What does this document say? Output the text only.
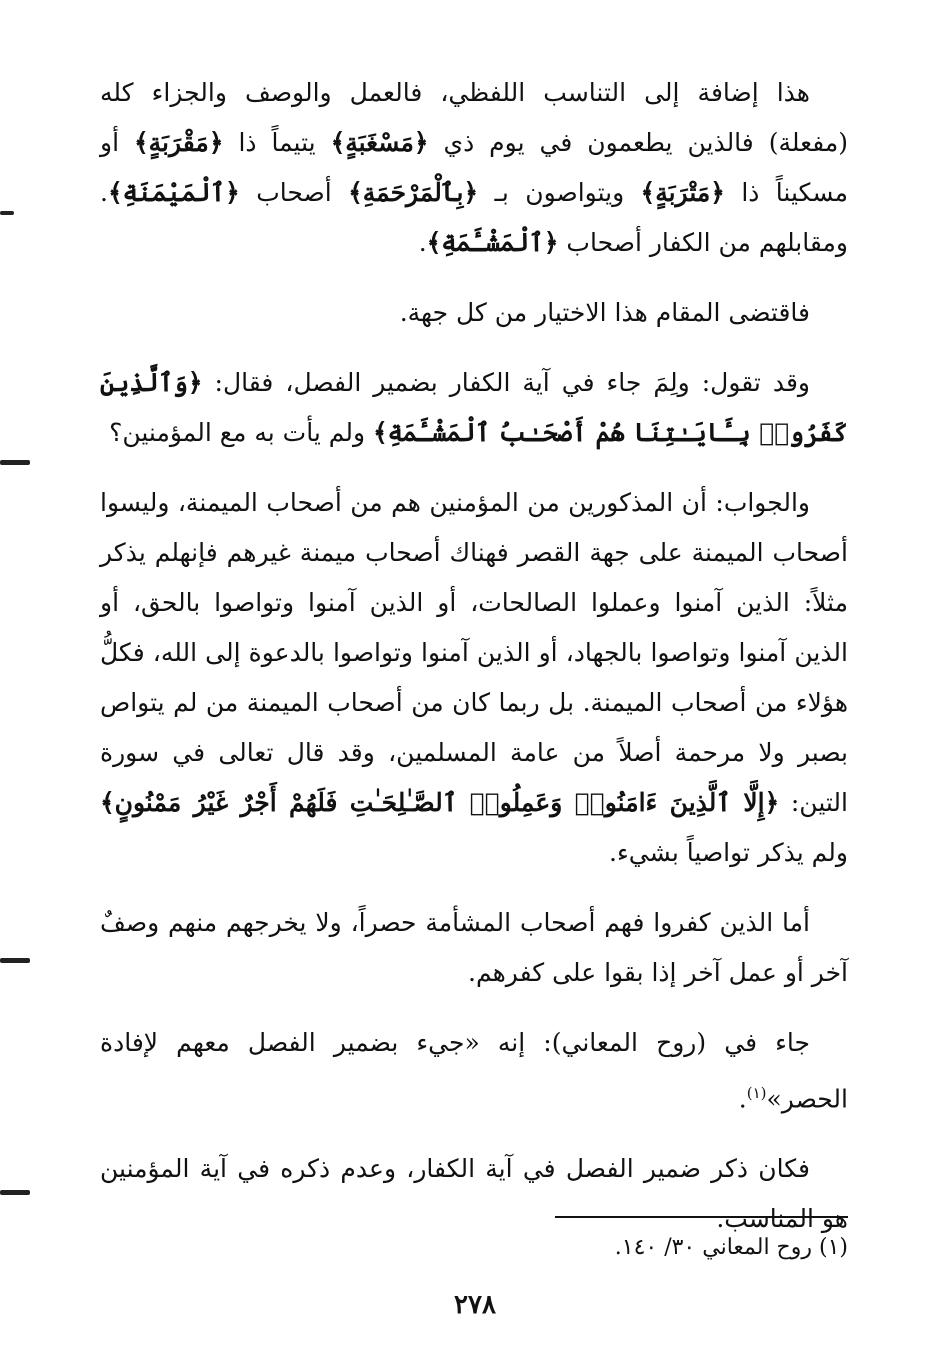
هذا إضافة إلى التناسب اللفظي، فالعمل والوصف والجزاء كله (مفعلة) فالذين يطعمون في يوم ذي ﴿مَسْغَبَةٍ﴾ يتيماً ذا ﴿مَقْرَبَةٍ﴾ أو مسكيناً ذا ﴿مَتْرَبَةٍ﴾ ويتواصون بـ ﴿بِٱلْمَرْحَمَةِ﴾ أصحاب ﴿ٱلْمَيْمَنَةِ﴾. ومقابلهم من الكفار أصحاب ﴿ٱلْمَشْـَٔمَةِ﴾.

فاقتضى المقام هذا الاختيار من كل جهة.

وقد تقول: ولِمَ جاء في آية الكفار بضمير الفصل، فقال: ﴿وَٱلَّذِينَ كَفَرُوا۟ بِـَٔايَـٰتِنَا هُمْ أَصْحَـٰبُ ٱلْمَشْـَٔمَةِ﴾ ولم يأت به مع المؤمنين؟

والجواب: أن المذكورين من المؤمنين هم من أصحاب الميمنة، وليسوا أصحاب الميمنة على جهة القصر فهناك أصحاب ميمنة غيرهم فإنهلم يذكر مثلاً: الذين آمنوا وعملوا الصالحات، أو الذين آمنوا وتواصوا بالحق، أو الذين آمنوا وتواصوا بالجهاد، أو الذين آمنوا وتواصوا بالدعوة إلى الله، فكلُّ هؤلاء من أصحاب الميمنة. بل ربما كان من أصحاب الميمنة من لم يتواص بصبر ولا مرحمة أصلاً من عامة المسلمين، وقد قال تعالى في سورة التين: ﴿إِلَّا ٱلَّذِينَ ءَامَنُوا۟ وَعَمِلُوا۟ ٱلصَّـٰلِحَـٰتِ فَلَهُمْ أَجْرٌ غَيْرُ مَمْنُونٍ﴾ ولم يذكر تواصياً بشيء.

أما الذين كفروا فهم أصحاب المشأمة حصراً، ولا يخرجهم منهم وصفٌ آخر أو عمل آخر إذا بقوا على كفرهم.

جاء في (روح المعاني): إنه «جيء بضمير الفصل معهم لإفادة الحصر»$^{(١)}$.

فكان ذكر ضمير الفصل في آية الكفار، وعدم ذكره في آية المؤمنين هو المناسب.

(١) روح المعاني ٣٠/ ١٤٠.
٢٧٨
